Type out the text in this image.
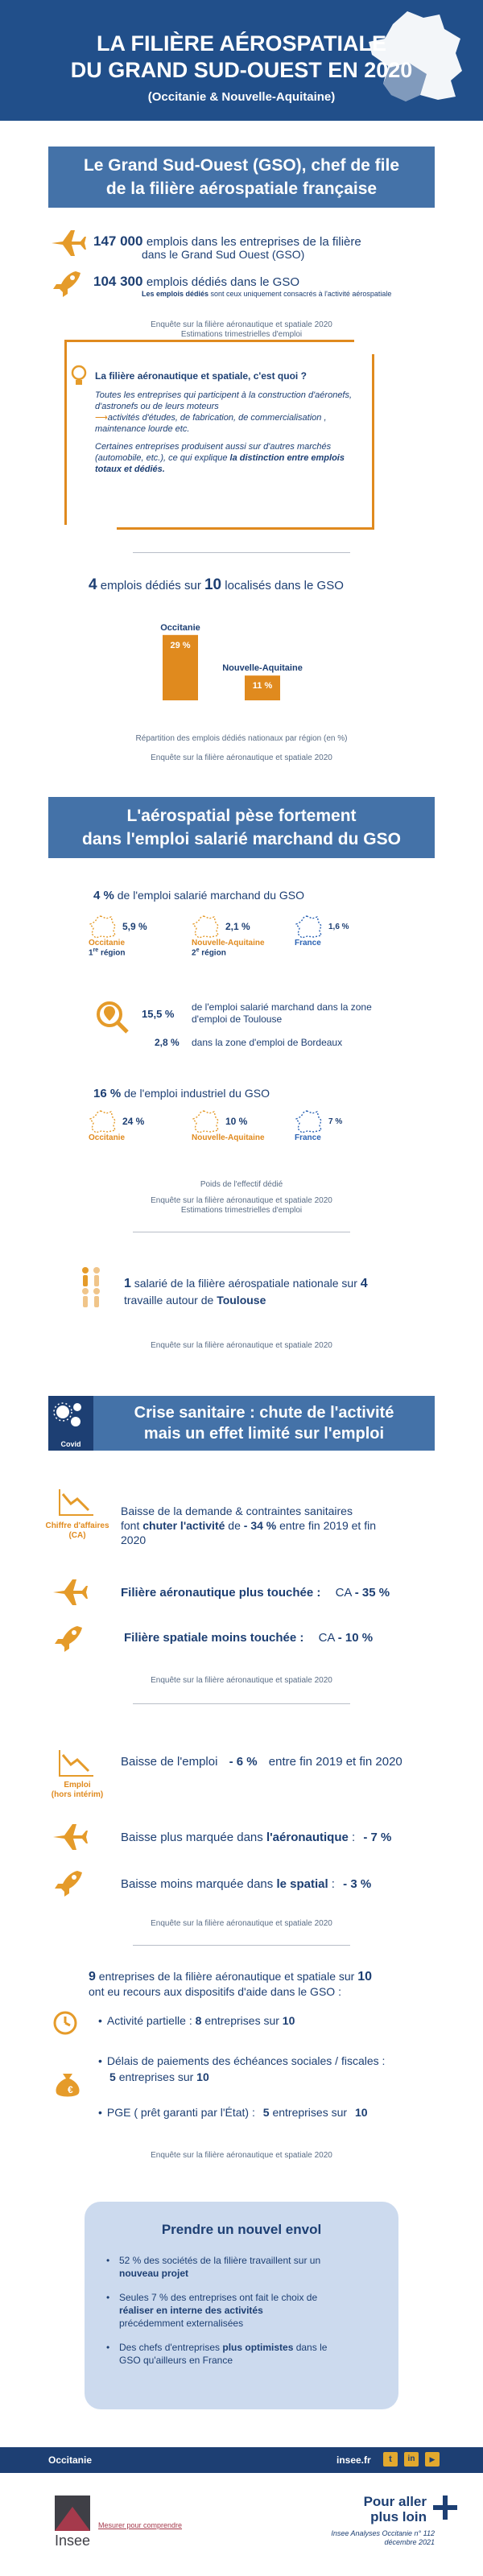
LA FILIÈRE AÉROSPATIALE
DU GRAND SUD-OUEST EN 2020
(Occitanie & Nouvelle-Aquitaine)
Le Grand Sud-Ouest (GSO), chef de file
de la filière aérospatiale française
147 000 emplois dans les entreprises de la filière
dans le Grand Sud Ouest (GSO)
104 300 emplois dédiés dans le GSO
Les emplois dédiés sont ceux uniquement consacrés à l'activité aérospatiale
Enquête sur la filière aéronautique et spatiale 2020
Estimations trimestrielles d'emploi
La filière aéronautique et spatiale, c'est quoi ?
Toutes les entreprises qui participent à la construction d'aéronefs,
d'astronefs ou de leurs moteurs
⟶activités d'études, de fabrication, de commercialisation ,
maintenance lourde etc.
Certaines entreprises produisent aussi sur d'autres marchés
(automobile, etc.), ce qui explique la distinction entre emplois
totaux et dédiés.
4 emplois dédiés sur 10 localisés dans le GSO
29 %
Occitanie
11 %
Nouvelle-Aquitaine
Répartition des emplois dédiés nationaux par région (en %)
Enquête sur la filière aéronautique et spatiale 2020
L'aérospatial pèse fortement
dans l'emploi salarié marchand du GSO
4 % de l'emploi salarié marchand du GSO
5,9 %
Occitanie
1re région
2,1 %
Nouvelle-Aquitaine
2e région
1,6 %
France
15,5 %
de l'emploi salarié marchand dans la zone
d'emploi de Toulouse
2,8 % dans la zone d'emploi de Bordeaux
16 % de l'emploi industriel du GSO
24 %
Occitanie
10 %
Nouvelle-Aquitaine
7 %
France
Poids de l'effectif dédié
Enquête sur la filière aéronautique et spatiale 2020
Estimations trimestrielles d'emploi
1 salarié de la filière aérospatiale nationale sur 4
travaille autour de Toulouse
Enquête sur la filière aéronautique et spatiale 2020
Covid
Crise sanitaire : chute de l'activité
mais un effet limité sur l'emploi
Chiffre d'affaires
(CA)
Baisse de la demande & contraintes sanitaires
font chuter l'activité de - 34 % entre fin 2019 et fin
2020
Filière aéronautique plus touchée : CA - 35 %
Filière spatiale moins touchée : CA - 10 %
Enquête sur la filière aéronautique et spatiale 2020
Emploi
(hors intérim)
Baisse de l'emploi - 6 % entre fin 2019 et fin 2020
Baisse plus marquée dans l'aéronautique : - 7 %
Baisse moins marquée dans le spatial : - 3 %
Enquête sur la filière aéronautique et spatiale 2020
9 entreprises de la filière aéronautique et spatiale sur 10
ont eu recours aux dispositifs d'aide dans le GSO :
• Activité partielle : 8 entreprises sur 10
€
• Délais de paiements des échéances sociales / fiscales :
5 entreprises sur 10
• PGE ( prêt garanti par l'État) : 5 entreprises sur 10
Enquête sur la filière aéronautique et spatiale 2020
Prendre un nouvel envol
• 52 % des sociétés de la filière travaillent sur un
nouveau projet
• Seules 7 % des entreprises ont fait le choix de
réaliser en interne des activités
précédemment externalisées
• Des chefs d'entreprises plus optimistes dans le
GSO qu'ailleurs en France
Occitanie	insee.fr	t	in	▶
Insee
Mesurer pour comprendre
Pour aller
plus loin
Insee Analyses Occitanie n° 112
décembre 2021
